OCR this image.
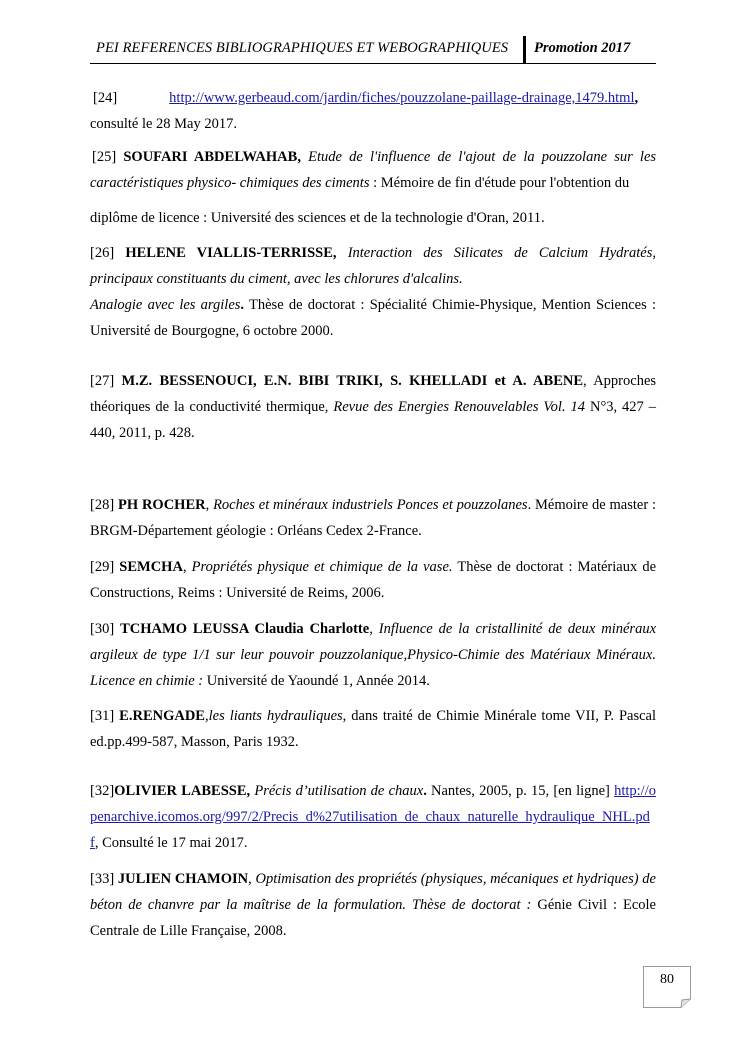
PEI REFERENCES BIBLIOGRAPHIQUES ET WEBOGRAPHIQUES Promotion 2017

[24]	http://www.gerbeaud.com/jardin/fiches/pouzzolane-paillage-drainage,1479.html,
consulté le 28 May 2017.

[25] SOUFARI ABDELWAHAB, Etude de l'influence de l'ajout de la pouzzolane sur les caractéristiques physico- chimiques des ciments : Mémoire de fin d'étude pour l'obtention du

diplôme de licence : Université des sciences et de la technologie d'Oran, 2011.

[26] HELENE VIALLIS-TERRISSE, Interaction des Silicates de Calcium Hydratés, principaux constituants du ciment, avec les chlorures d'alcalins.
Analogie avec les argiles. Thèse de doctorat : Spécialité Chimie-Physique, Mention Sciences : Université de Bourgogne, 6 octobre 2000.

[27] M.Z. BESSENOUCI, E.N. BIBI TRIKI, S. KHELLADI et A. ABENE, Approches théoriques de la conductivité thermique, Revue des Energies Renouvelables Vol. 14 N°3, 427 – 440, 2011, p. 428.

[28] PH ROCHER, Roches et minéraux industriels Ponces et pouzzolanes. Mémoire de master : BRGM-Département géologie : Orléans Cedex 2-France.

[29] SEMCHA, Propriétés physique et chimique de la vase. Thèse de doctorat : Matériaux de Constructions, Reims : Université de Reims, 2006.

[30] TCHAMO LEUSSA Claudia Charlotte, Influence de la cristallinité de deux minéraux argileux de type 1/1 sur leur pouvoir pouzzolanique,Physico-Chimie des Matériaux Minéraux. Licence en chimie : Université de Yaoundé 1, Année 2014.

[31] E.RENGADE,les liants hydrauliques, dans traité de Chimie Minérale tome VII, P. Pascal ed.pp.499-587, Masson, Paris 1932.

[32]OLIVIER LABESSE, Précis d’utilisation de chaux. Nantes, 2005, p. 15, [en ligne] http://openarchive.icomos.org/997/2/Precis_d%27utilisation_de_chaux_naturelle_hydraulique_NHL.pdf, Consulté le 17 mai 2017.

[33] JULIEN CHAMOIN, Optimisation des propriétés (physiques, mécaniques et hydriques) de béton de chanvre par la maîtrise de la formulation. Thèse de doctorat : Génie Civil : Ecole Centrale de Lille Française, 2008.

80
